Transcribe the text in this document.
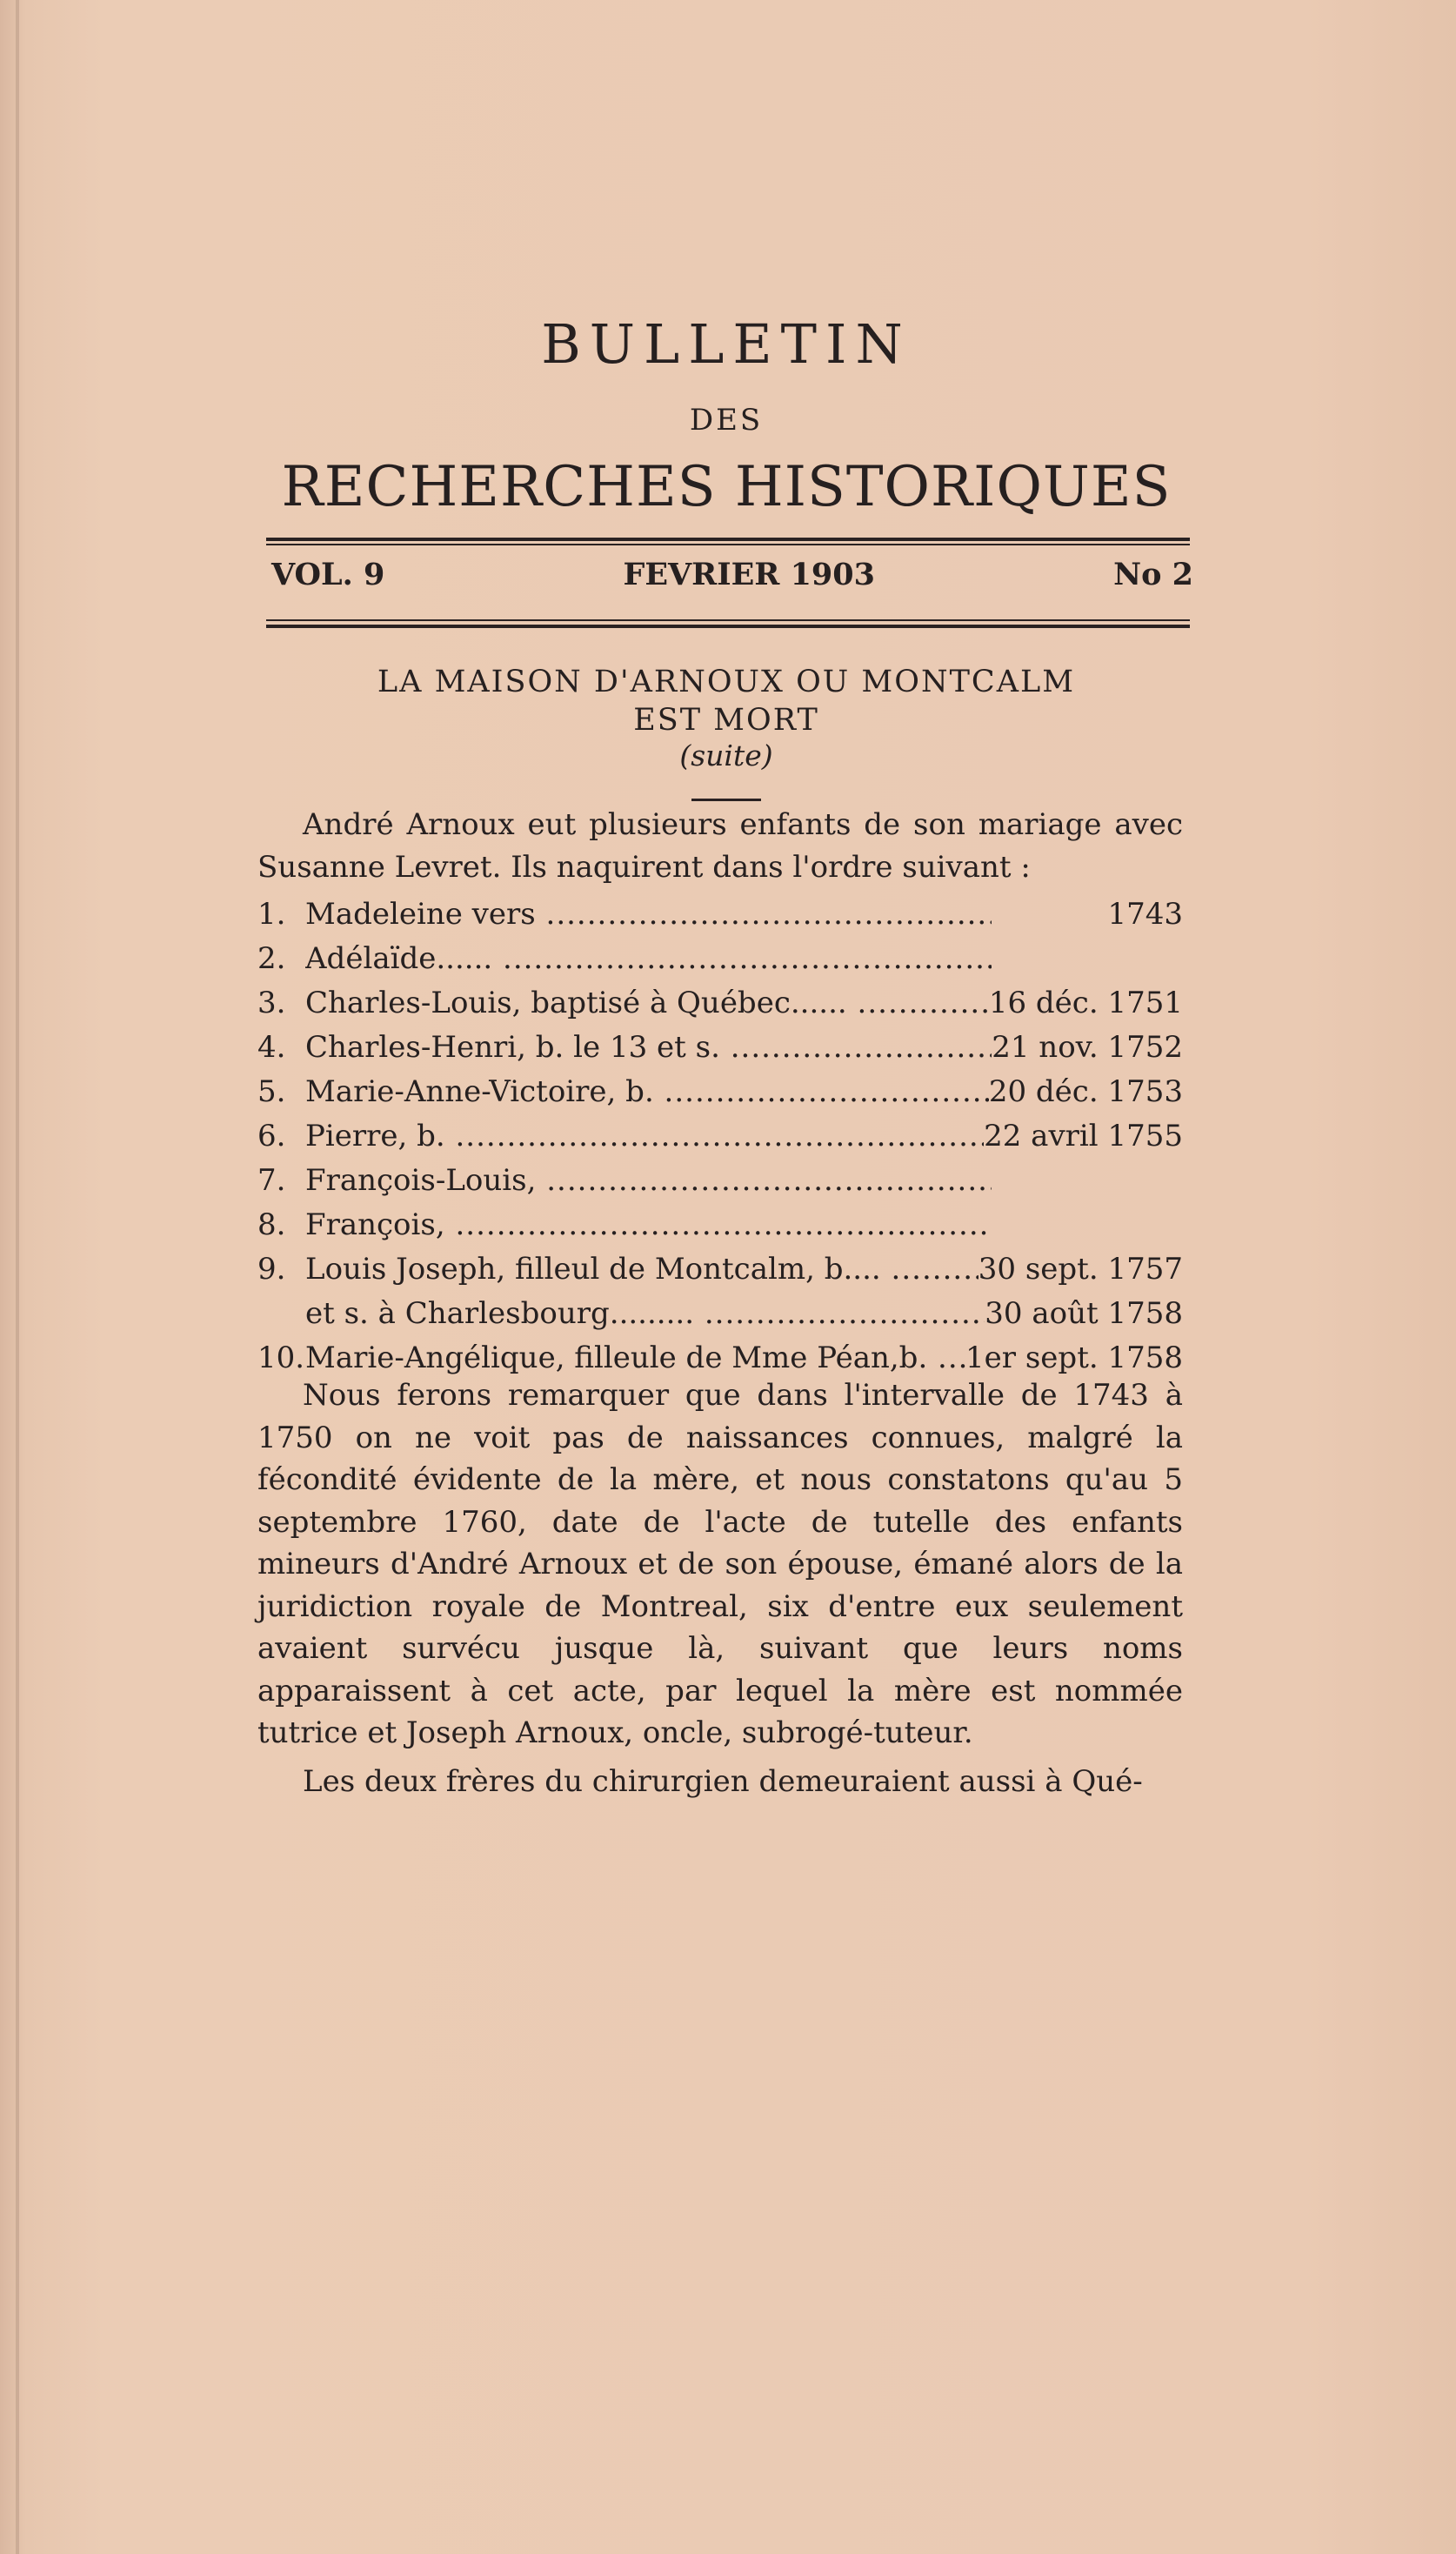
BULLETIN
DES
RECHERCHES HISTORIQUES
VOL. 9	FEVRIER 1903	No 2
LA MAISON D'ARNOUX OU MONTCALM
EST MORT
(suite)
André Arnoux eut plusieurs enfants de son mariage avec Susanne Levret. Ils naquirent dans l'ordre suivant :
1. Madeleine vers .....	1743
2. Adélaïde...... .....
3. Charles-Louis, baptisé à Québec...... .....	16 déc. 1751
4. Charles-Henri, b. le 13 et s. .....	21 nov. 1752
5. Marie-Anne-Victoire, b. .....	20 déc. 1753
6. Pierre, b. .....	22 avril 1755
7. François-Louis, .....
8. François, .....
9. Louis Joseph, filleul de Montcalm, b.... .....	30 sept. 1757
et s. à Charlesbourg......... .....	30 août 1758
10. Marie-Angélique, filleule de Mme Péan,b. .....	1er sept. 1758
Nous ferons remarquer que dans l'intervalle de 1743 à 1750 on ne voit pas de naissances connues, malgré la fécondité évidente de la mère, et nous constatons qu'au 5 septembre 1760, date de l'acte de tutelle des enfants mineurs d'André Arnoux et de son épouse, émané alors de la juridiction royale de Montreal, six d'entre eux seulement avaient survécu jusque là, suivant que leurs noms apparaissent à cet acte, par lequel la mère est nommée tutrice et Joseph Arnoux, oncle, subrogé-tuteur.
Les deux frères du chirurgien demeuraient aussi à Qué-
